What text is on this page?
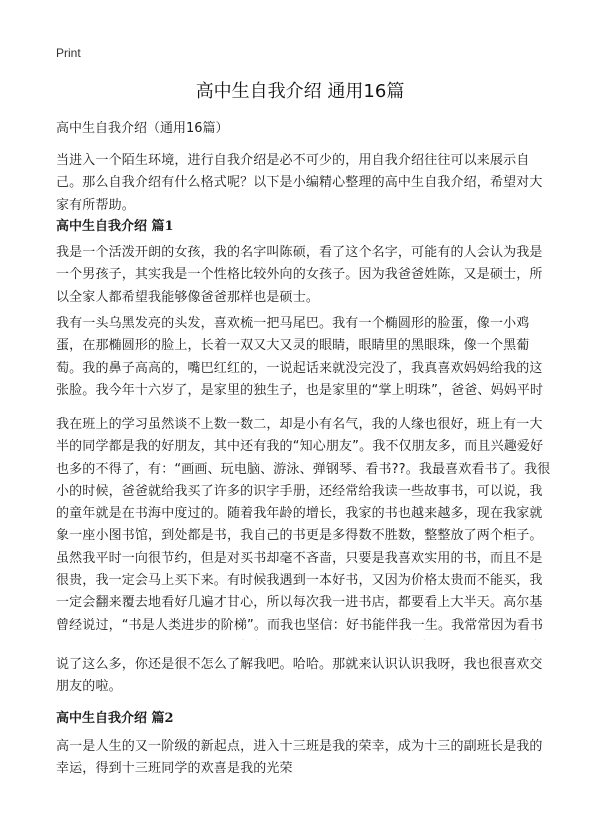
Print
高中生自我介绍 通用16篇
高中生自我介绍（通用16篇）
当进入一个陌生环境，进行自我介绍是必不可少的，用自我介绍往往可以来展示自己。那么自我介绍有什么格式呢？以下是小编精心整理的高中生自我介绍，希望对大家有所帮助。
高中生自我介绍 篇1
我是一个活泼开朗的女孩，我的名字叫陈硕，看了这个名字，可能有的人会认为我是一个男孩子，其实我是一个性格比较外向的女孩子。因为我爸爸姓陈，又是硕士，所以全家人都希望我能够像爸爸那样也是硕士。
我有一头乌黑发亮的头发，喜欢梳一把马尾巴。我有一个椭圆形的脸蛋，像一小鸡蛋，在那椭圆形的脸上，长着一双又大又灵的眼睛，眼睛里的黑眼珠，像一个黑葡萄。我的鼻子高高的，嘴巴红红的，一说起话来就没完没了，我真喜欢妈妈给我的这张脸。我今年十六岁了，是家里的独生子，也是家里的“掌上明珠”，爸爸、妈妈平时
我在班上的学习虽然谈不上数一数二，却是小有名气，我的人缘也很好，班上有一大半的同学都是我的好朋友，其中还有我的“知心朋友”。我不仅朋友多，而且兴趣爱好也多的不得了，有：“画画、玩电脑、游泳、弹钢琴、看书??。我最喜欢看书了。我很小的时候，爸爸就给我买了许多的识字手册，还经常给我读一些故事书，可以说，我的童年就是在书海中度过的。随着我年龄的增长，我家的书也越来越多，现在我家就象一座小图书馆，到处都是书，我自己的书更是多得数不胜数，整整放了两个柜子。虽然我平时一向很节约，但是对买书却毫不吝啬，只要是我喜欢实用的书，而且不是很贵，我一定会马上买下来。有时候我遇到一本好书，又因为价格太贵而不能买，我一定会翻来覆去地看好几遍才甘心，所以每次我一进书店，都要看上大半天。高尔基曾经说过，“书是人类进步的阶梯”。而我也坚信：好书能伴我一生。我常常因为看书
说了这么多，你还是很不怎么了解我吧。哈哈。那就来认识认识我呀，我也很喜欢交朋友的啦。
高中生自我介绍 篇2
高一是人生的又一阶级的新起点，进入十三班是我的荣幸，成为十三的副班长是我的幸运，得到十三班同学的欢喜是我的光荣
